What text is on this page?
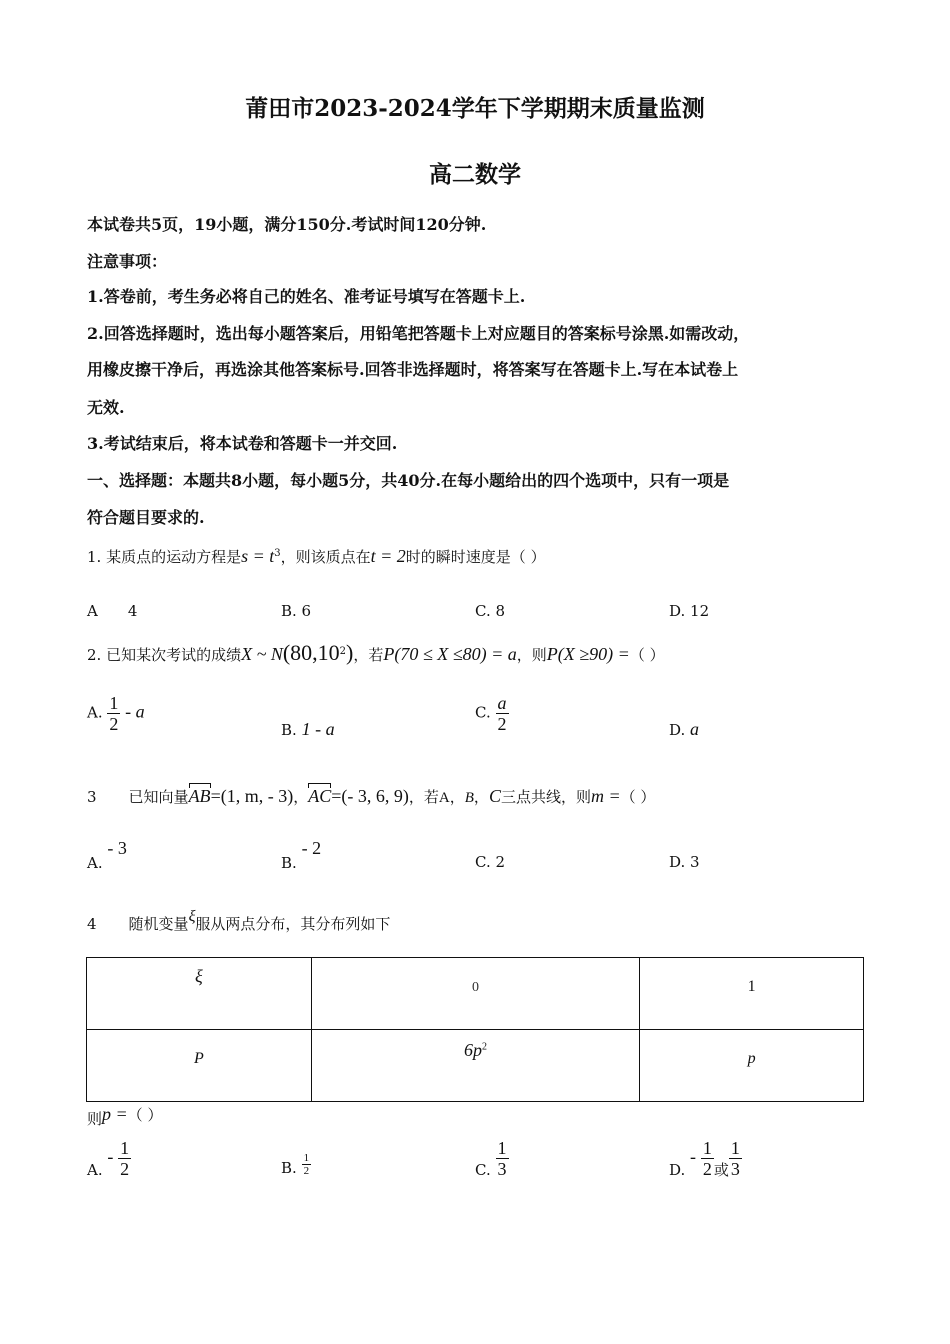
莆田市2023-2024学年下学期期末质量监测
高二数学
本试卷共5页，19小题，满分150分.考试时间120分钟.
注意事项：
1.答卷前，考生务必将自己的姓名、准考证号填写在答题卡上.
2.回答选择题时，选出每小题答案后，用铅笔把答题卡上对应题目的答案标号涂黑.如需改动，
用橡皮擦干净后，再选涂其他答案标号.回答非选择题时，将答案写在答题卡上.写在本试卷上
无效.
3.考试结束后，将本试卷和答题卡一并交回.
一、选择题：本题共8小题，每小题5分，共40分.在每小题给出的四个选项中，只有一项是
符合题目要求的.
1. 某质点的运动方程是$s = t^3$，则该质点在t = 2时的瞬时速度是（ ）
A 4	B. 6	C. 8	D. 12
2. 已知某次考试的成绩X ~ N(80,10$^2$)，若P(70 ≤ X ≤80) = a，则P(X ≥90) =（ ）
A. $\frac{1}{2}$ - a
B. 1 - a
C. $\frac{a}{2}$	D. a
3 已知向量AB=(1, m, - 3)，AC=(- 3, 6, 9)，若A，B，C三点共线，则m =（ ）
A. - 3
B. - 2
C. 2	D. 3
4 随机变量ξ服从两点分布，其分布列如下
ξ	0	1
P	$6p^2$	p
则p =（ ）
A. - $\frac{1}{2}$	B. $\frac{1}{2}$	C. $\frac{1}{3}$	D. - $\frac{1}{2}$ 或 $\frac{1}{3}$
